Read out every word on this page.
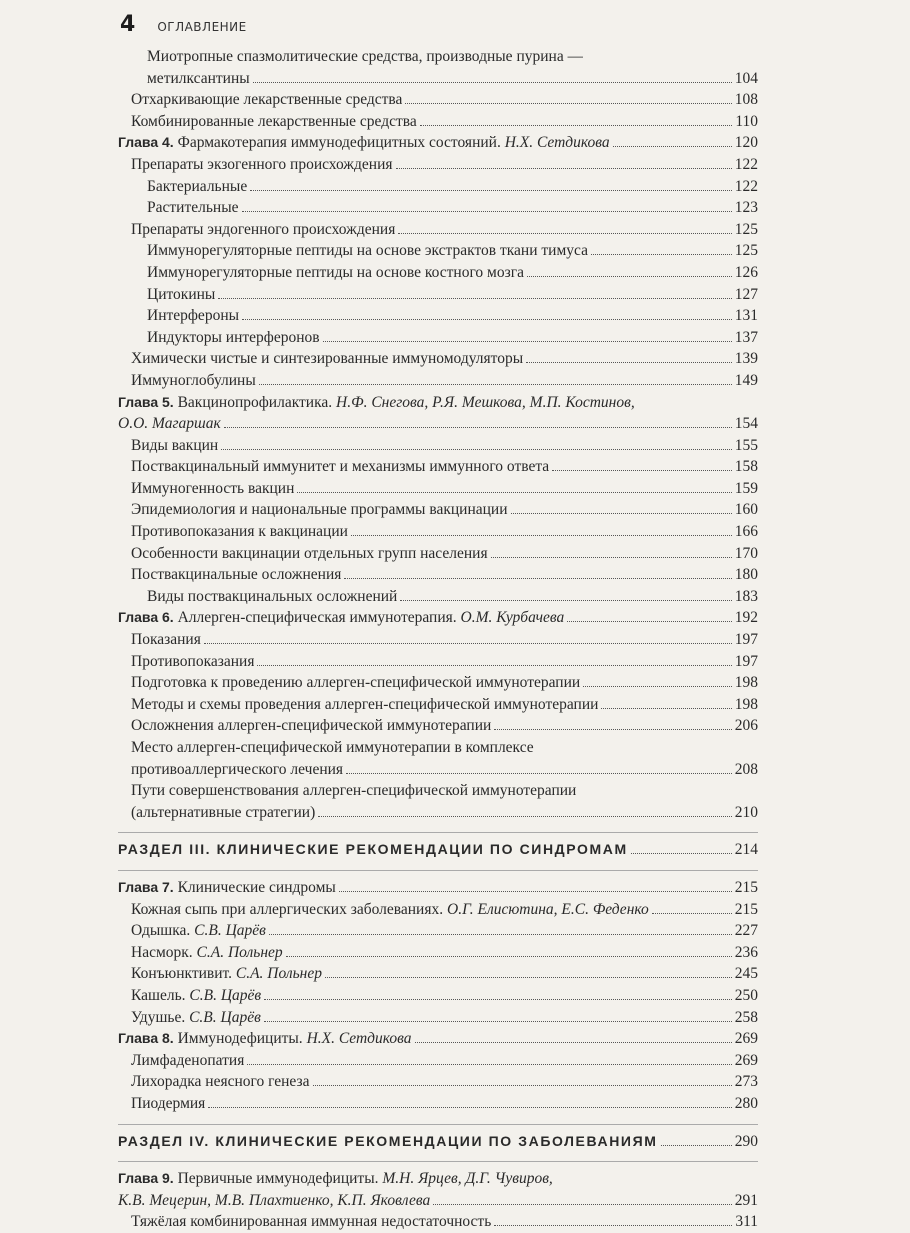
4 ОГЛАВЛЕНИЕ
Миотропные спазмолитические средства, производные пурина —
метилксантины	104
Отхаркивающие лекарственные средства	108
Комбинированные лекарственные средства	110
Глава 4. Фармакотерапия иммунодефицитных состояний. Н.Х. Сетдикова	120
Препараты экзогенного происхождения	122
Бактериальные	122
Растительные	123
Препараты эндогенного происхождения	125
Иммунорегуляторные пептиды на основе экстрактов ткани тимуса	125
Иммунорегуляторные пептиды на основе костного мозга	126
Цитокины	127
Интерфероны	131
Индукторы интерферонов	137
Химически чистые и синтезированные иммуномодуляторы	139
Иммуноглобулины	149
Глава 5. Вакцинопрофилактика. Н.Ф. Снегова, Р.Я. Мешкова, М.П. Костинов,
О.О. Магаршак	154
Виды вакцин	155
Поствакцинальный иммунитет и механизмы иммунного ответа	158
Иммуногенность вакцин	159
Эпидемиология и национальные программы вакцинации	160
Противопоказания к вакцинации	166
Особенности вакцинации отдельных групп населения	170
Поствакцинальные осложнения	180
Виды поствакцинальных осложнений	183
Глава 6. Аллерген-специфическая иммунотерапия. О.М. Курбачева	192
Показания	197
Противопоказания	197
Подготовка к проведению аллерген-специфической иммунотерапии	198
Методы и схемы проведения аллерген-специфической иммунотерапии	198
Осложнения аллерген-специфической иммунотерапии	206
Место аллерген-специфической иммунотерапии в комплексе
противоаллергического лечения	208
Пути совершенствования аллерген-специфической иммунотерапии
(альтернативные стратегии)	210
РАЗДЕЛ III. КЛИНИЧЕСКИЕ РЕКОМЕНДАЦИИ ПО СИНДРОМАМ	214
Глава 7. Клинические синдромы	215
Кожная сыпь при аллергических заболеваниях. О.Г. Елисютина, Е.С. Феденко	215
Одышка. С.В. Царёв	227
Насморк. С.А. Польнер	236
Конъюнктивит. С.А. Польнер	245
Кашель. С.В. Царёв	250
Удушье. С.В. Царёв	258
Глава 8. Иммунодефициты. Н.Х. Сетдикова	269
Лимфаденопатия	269
Лихорадка неясного генеза	273
Пиодермия	280
РАЗДЕЛ IV. КЛИНИЧЕСКИЕ РЕКОМЕНДАЦИИ ПО ЗАБОЛЕВАНИЯМ	290
Глава 9. Первичные иммунодефициты. М.Н. Ярцев, Д.Г. Чувиров,
К.В. Мецерин, М.В. Плахтиенко, К.П. Яковлева	291
Тяжёлая комбинированная иммунная недостаточность	311
